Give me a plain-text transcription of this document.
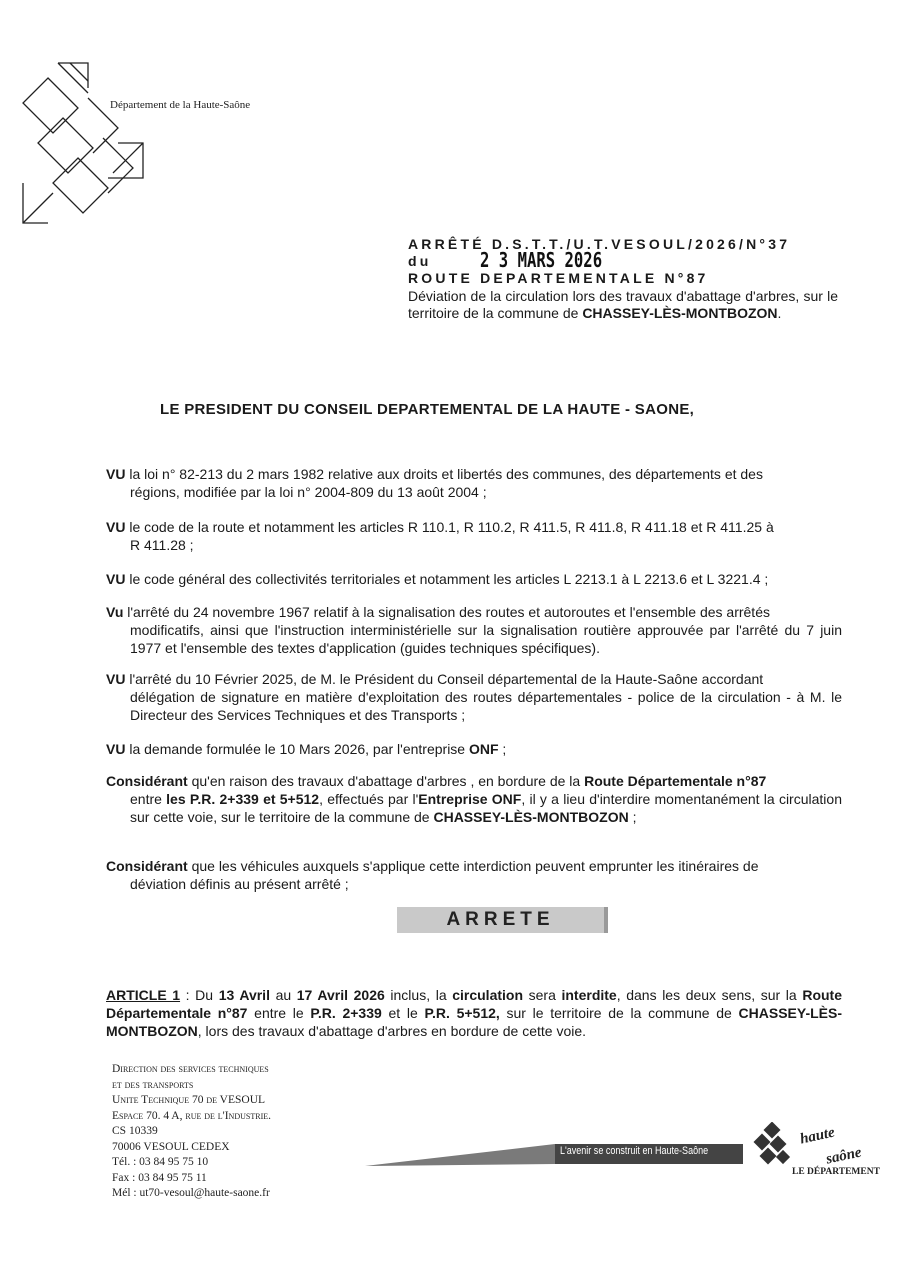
Département de la Haute-Saône
ARRÊTÉ D.S.T.T./U.T.VESOUL/2026/N°37
du	2 3 MARS 2026
ROUTE DEPARTEMENTALE N°87
Déviation de la circulation lors des travaux d'abattage d'arbres, sur le territoire de la commune de CHASSEY-LÈS-MONTBOZON.
LE PRESIDENT DU CONSEIL DEPARTEMENTAL DE LA HAUTE - SAONE,
VU la loi n° 82-213 du 2 mars 1982 relative aux droits et libertés des communes, des départements et des
régions, modifiée par la loi n° 2004-809 du 13 août 2004 ;
VU le code de la route et notamment les articles R 110.1, R 110.2, R 411.5, R 411.8, R 411.18 et R 411.25 à
R 411.28 ;
VU le code général des collectivités territoriales et notamment les articles L 2213.1 à L 2213.6 et L 3221.4 ;
Vu l'arrêté du 24 novembre 1967 relatif à la signalisation des routes et autoroutes et l'ensemble des arrêtés
modificatifs, ainsi que l'instruction interministérielle sur la signalisation routière approuvée par l'arrêté du 7 juin 1977 et l'ensemble des textes d'application (guides techniques spécifiques).
VU l'arrêté du 10 Février 2025, de M. le Président du Conseil départemental de la Haute-Saône accordant
délégation de signature en matière d'exploitation des routes départementales - police de la circulation - à M. le Directeur des Services Techniques et des Transports ;
VU la demande formulée le 10 Mars 2026, par l'entreprise ONF ;
Considérant qu'en raison des travaux d'abattage d'arbres , en bordure de la Route Départementale n°87
entre les P.R. 2+339 et 5+512, effectués par l'Entreprise ONF, il y a lieu d'interdire momentanément la circulation sur cette voie, sur le territoire de la commune de CHASSEY-LÈS-MONTBOZON ;
Considérant que les véhicules auxquels s'applique cette interdiction peuvent emprunter les itinéraires de
déviation définis au présent arrêté ;
ARRETE
ARTICLE 1 : Du 13 Avril au 17 Avril 2026 inclus, la circulation sera interdite, dans les deux sens, sur la Route Départementale n°87 entre le P.R. 2+339 et le P.R. 5+512, sur le territoire de la commune de CHASSEY-LÈS-MONTBOZON, lors des travaux d'abattage d'arbres en bordure de cette voie.
Direction des services techniques
et des transports
Unite Technique 70 de VESOUL
Espace 70. 4 A, rue de l'Industrie.
CS 10339
70006 VESOUL CEDEX
Tél. : 03 84 95 75 10
Fax : 03 84 95 75 11
Mél : ut70-vesoul@haute-saone.fr
L'avenir se construit en Haute-Saône
haute
saône
LE DÉPARTEMENT
